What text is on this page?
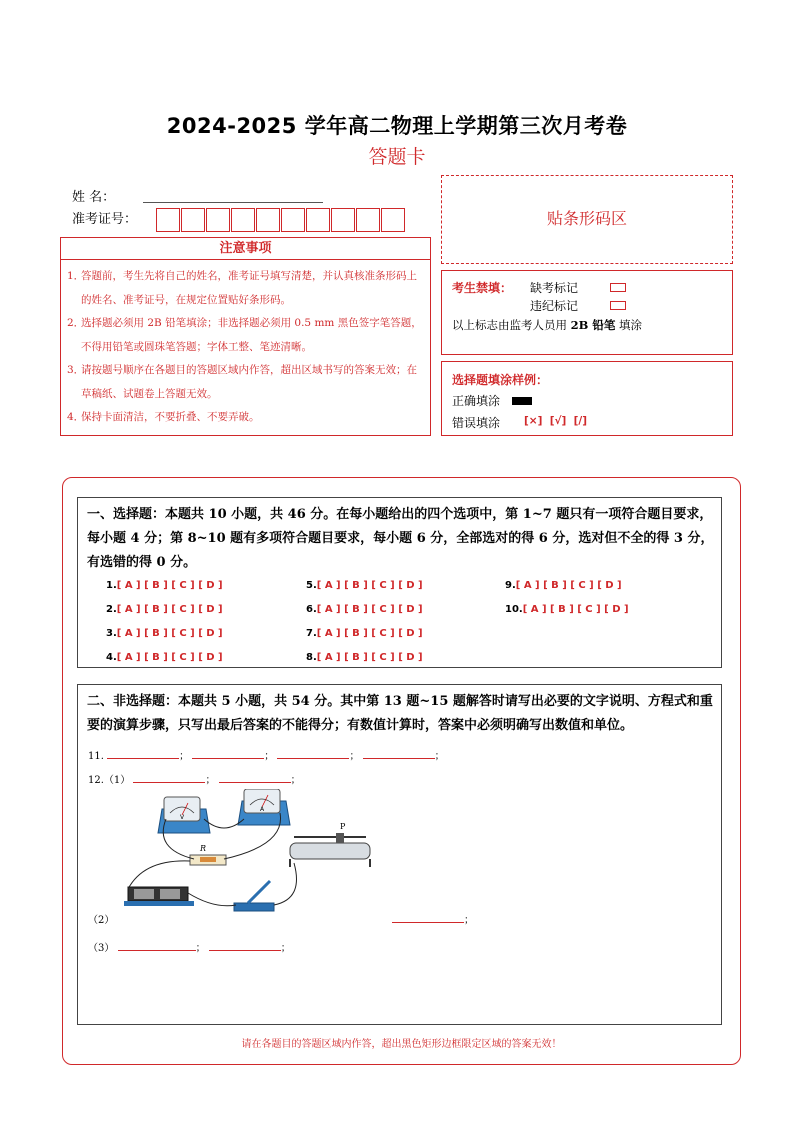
2024-2025 学年高二物理上学期第三次月考卷
答题卡
姓 名：
准考证号：	贴条形码区
注意事项
1．
答题前，考生先将自己的姓名，准考证号填写清楚，并认真核准条形码上的姓名、准考证号，在规定位置贴好条形码。
2．
选择题必须用 2B 铅笔填涂；非选择题必须用 0.5 mm 黑色签字笔答题，不得用铅笔或圆珠笔答题；字体工整、笔迹清晰。
3．
请按题号顺序在各题目的答题区域内作答，超出区域书写的答案无效；在草稿纸、试题卷上答题无效。
4．
保持卡面清洁，不要折叠、不要弄破。
考生禁填： 缺考标记
违纪标记
以上标志由监考人员用 2B 铅笔 填涂
选择题填涂样例：
正确填涂
错误填涂 [×]  [√]  [/]
一、选择题：本题共 10 小题，共 46 分。在每小题给出的四个选项中，第 1~7 题只有一项符合题目要求，每小题 4 分；第 8~10 题有多项符合题目要求，每小题 6 分，全部选对的得 6 分，选对但不全的得 3 分，有选错的得 0 分。
1.[ A ] [ B ] [ C ] [ D ]
2.[ A ] [ B ] [ C ] [ D ]
3.[ A ] [ B ] [ C ] [ D ]
4.[ A ] [ B ] [ C ] [ D ]
5.[ A ] [ B ] [ C ] [ D ]
6.[ A ] [ B ] [ C ] [ D ]
7.[ A ] [ B ] [ C ] [ D ]
8.[ A ] [ B ] [ C ] [ D ]
9.[ A ] [ B ] [ C ] [ D ]
10.[ A ] [ B ] [ C ] [ D ]
二、非选择题：本题共 5 小题，共 54 分。其中第 13 题~15 题解答时请写出必要的文字说明、方程式和重要的演算步骤，只写出最后答案的不能得分；有数值计算时，答案中必须明确写出数值和单位。
11.	；	；	；	；
12.（1）	；	；
V
A
R
P
（2）	；
（3）	；	；
请在各题目的答题区域内作答，超出黑色矩形边框限定区域的答案无效！
